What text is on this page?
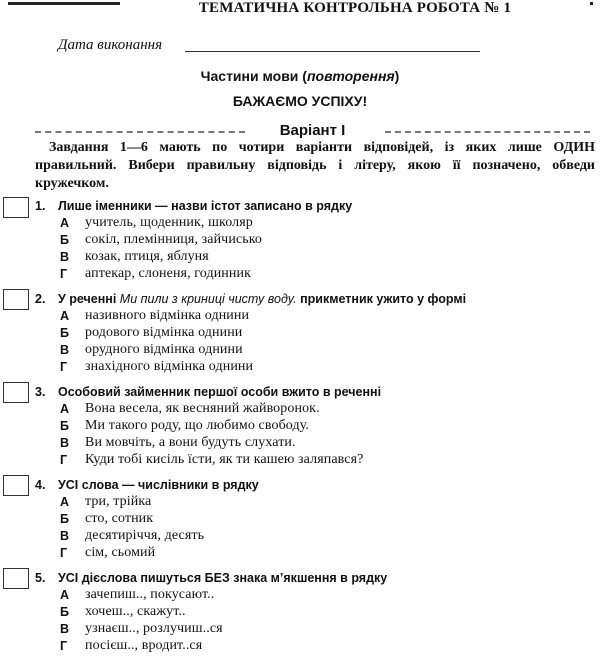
ТЕМАТИЧНА КОНТРОЛЬНА РОБОТА № 1
Дата виконання
Частини мови (повторення)
БАЖАЄМО УСПІХУ!
Варіант I
Завдання 1—6 мають по чотири варіанти відповідей, із яких лише ОДИН правильний. Вибери правильну відповідь і літеру, якою її позначено, обведи кружечком.
1. Лише іменники — назви істот записано в рядку
А учитель, щоденник, школяр
Б сокіл, племінниця, зайчисько
В козак, птиця, яблуня
Г аптекар, слоненя, годинник
2. У реченні Ми пили з криниці чисту воду. прикметник ужито у формі
А називного відмінка однини
Б родового відмінка однини
В орудного відмінка однини
Г знахідного відмінка однини
3. Особовий займенник першої особи вжито в реченні
А Вона весела, як весняний жайворонок.
Б Ми такого роду, що любимо свободу.
В Ви мовчіть, а вони будуть слухати.
Г Куди тобі кисіль їсти, як ти кашею заляпався?
4. УСІ слова — числівники в рядку
А три, трійка
Б сто, сотник
В десятиріччя, десять
Г сім, сьомий
5. УСІ дієслова пишуться БЕЗ знака м’якшення в рядку
А зачепиш.., покусают..
Б хочеш.., скажут..
В узнаєш.., розлучиш..ся
Г посієш.., вродит..ся
